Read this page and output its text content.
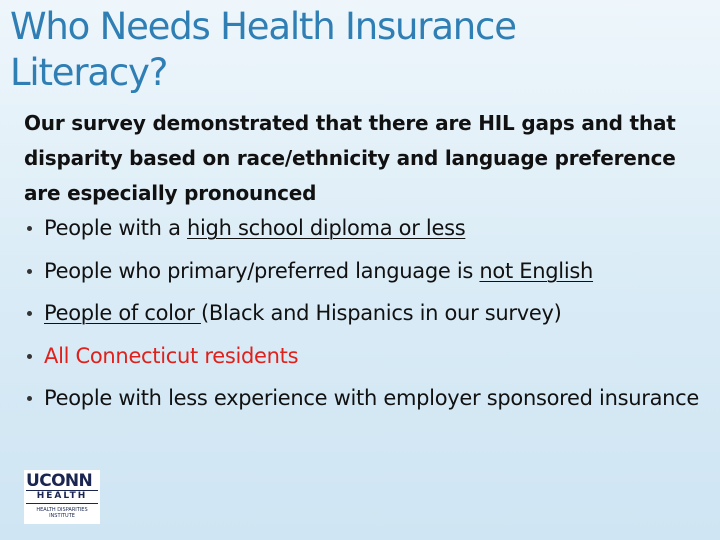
Who Needs Health Insurance Literacy?

Our survey demonstrated that there are HIL gaps and that disparity based on race/ethnicity and language preference are especially pronounced

People with a high school diploma or less
People who primary/preferred language is not English
People of color (Black and Hispanics in our survey)
All Connecticut residents
People with less experience with employer sponsored insurance
UCONN
HEALTH
HEALTH DISPARITIES
INSTITUTE
